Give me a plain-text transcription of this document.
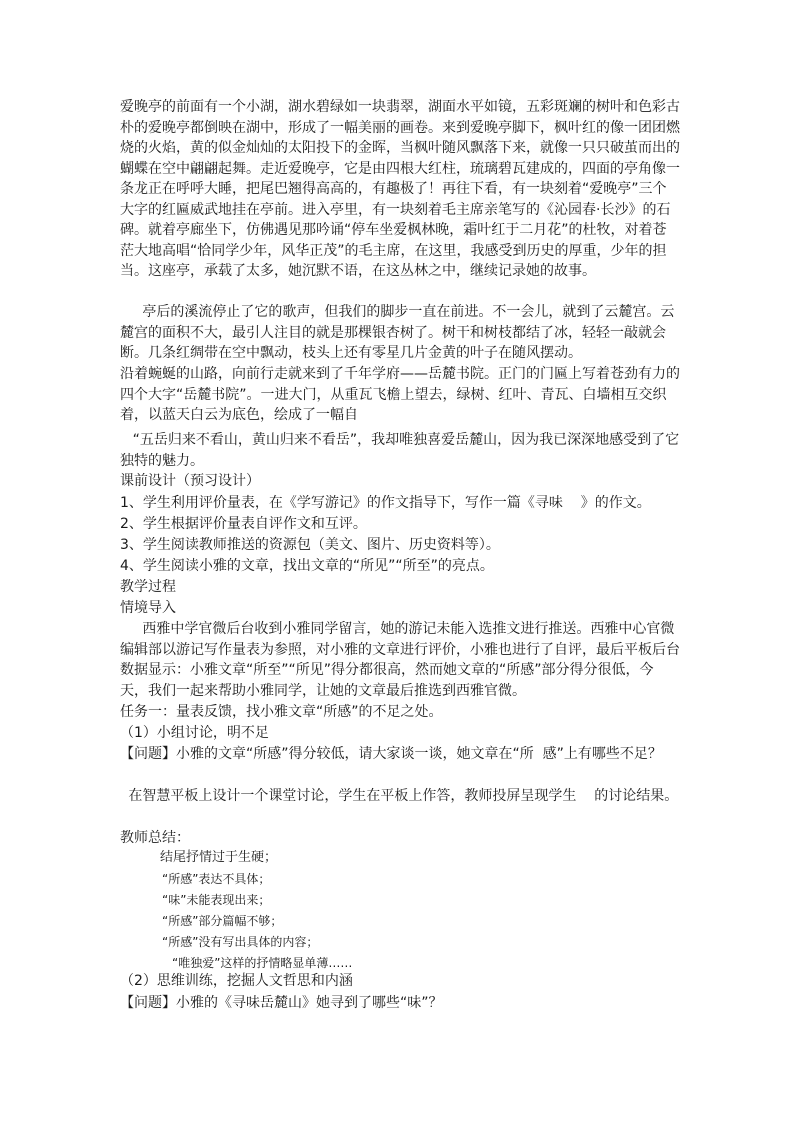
爱晚亭的前面有一个小湖，湖水碧绿如一块翡翠，湖面水平如镜，五彩斑斓的树叶和色彩古朴的爱晚亭都倒映在湖中，形成了一幅美丽的画卷。来到爱晚亭脚下，枫叶红的像一团团燃烧的火焰，黄的似金灿灿的太阳投下的金晖，当枫叶随风飘落下来，就像一只只破茧而出的蝴蝶在空中翩翩起舞。走近爱晚亭，它是由四根大红柱，琉璃碧瓦建成的，四面的亭角像一条龙正在呼呼大睡，把尾巴翘得高高的，有趣极了！再往下看，有一块刻着“爱晚亭”三个大字的红匾威武地挂在亭前。进入亭里，有一块刻着毛主席亲笔写的《沁园春·长沙》的石碑。就着亭廊坐下，仿佛遇见那吟诵“停车坐爱枫林晚，霜叶红于二月花”的杜牧，对着苍茫大地高唱“恰同学少年，风华正茂”的毛主席，在这里，我感受到历史的厚重，少年的担当。这座亭，承载了太多，她沉默不语，在这丛林之中，继续记录她的故事。
亭后的溪流停止了它的歌声，但我们的脚步一直在前进。不一会儿，就到了云麓宫。云麓宫的面积不大，最引人注目的就是那棵银杏树了。树干和树枝都结了冰，轻轻一敲就会断。几条红绸带在空中飘动，枝头上还有零星几片金黄的叶子在随风摆动。
沿着蜿蜒的山路，向前行走就来到了千年学府——岳麓书院。正门的门匾上写着苍劲有力的四个大字“岳麓书院”。一进大门，从重瓦飞檐上望去，绿树、红叶、青瓦、白墙相互交织着，以蓝天白云为底色，绘成了一幅自
“五岳归来不看山，黄山归来不看岳”，我却唯独喜爱岳麓山，因为我已深深地感受到了它独特的魅力。
课前设计（预习设计）
1、学生利用评价量表，在《学写游记》的作文指导下，写作一篇《寻味    》的作文。
2、学生根据评价量表自评作文和互评。
3、学生阅读教师推送的资源包（美文、图片、历史资料等）。
4、学生阅读小雅的文章，找出文章的“所见”“所至”的亮点。
教学过程
情境导入
西雅中学官微后台收到小雅同学留言，她的游记未能入选推文进行推送。西雅中心官微编辑部以游记写作量表为参照，对小雅的文章进行评价，小雅也进行了自评，最后平板后台数据显示：小雅文章“所至”“所见”得分都很高，然而她文章的“所感”部分得分很低，今天，我们一起来帮助小雅同学，让她的文章最后推选到西雅官微。
任务一：量表反馈，找小雅文章“所感”的不足之处。
（1）小组讨论，明不足
【问题】小雅的文章“所感”得分较低，请大家谈一谈，她文章在“所  感”上有哪些不足？
在智慧平板上设计一个课堂讨论，学生在平板上作答，教师投屏呈现学生    的讨论结果。
教师总结：
结尾抒情过于生硬；
“所感”表达不具体；
“味”未能表现出来；
“所感”部分篇幅不够；
“所感”没有写出具体的内容；
“唯独爱”这样的抒情略显单薄……
（2）思维训练，挖掘人文哲思和内涵
【问题】小雅的《寻味岳麓山》她寻到了哪些“味”？
